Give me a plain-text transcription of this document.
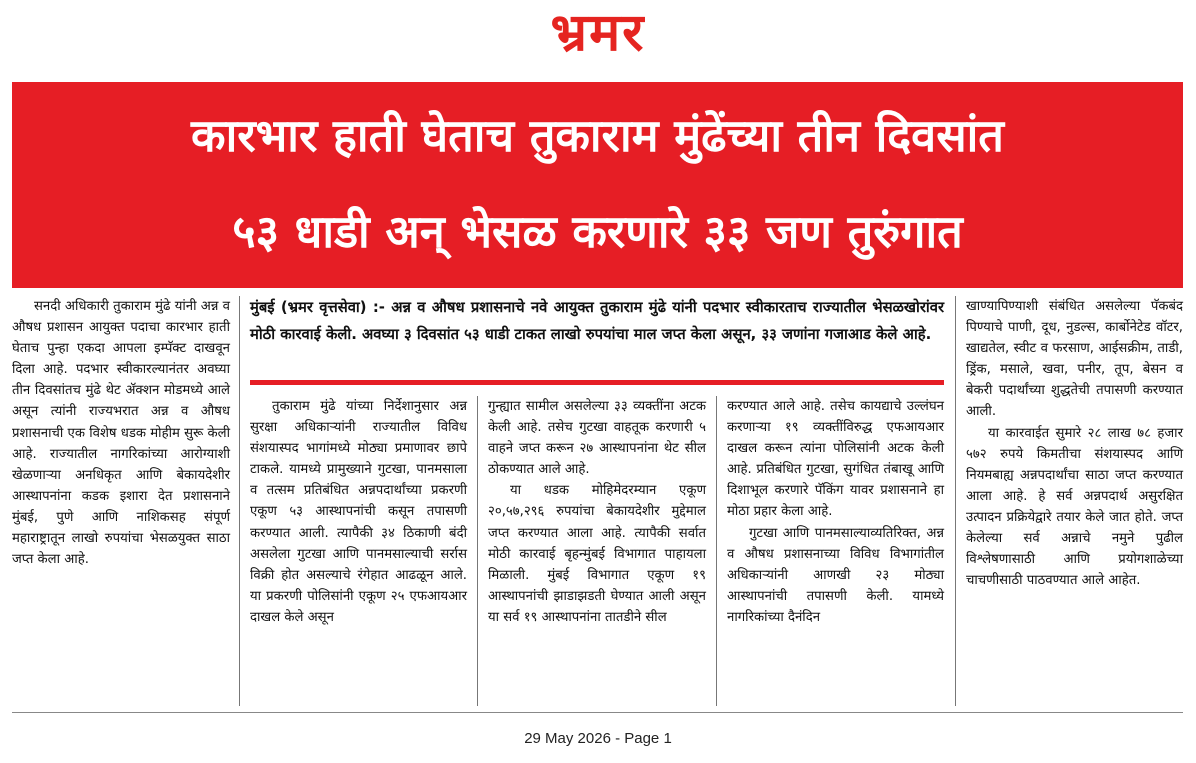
भ्रमर
कारभार हाती घेताच तुकाराम मुंढेंच्या तीन दिवसांत
५३ धाडी अन् भेसळ करणारे ३३ जण तुरुंगात

सनदी अधिकारी तुकाराम मुंढे यांनी अन्न व औषध प्रशासन आयुक्त पदाचा कारभार हाती घेताच पुन्हा एकदा आपला इम्पॅक्ट दाखवून दिला आहे. पदभार स्वीकारल्यानंतर अवघ्या तीन दिवसांतच मुंढे थेट ॲक्शन मोडमध्ये आले असून त्यांनी राज्यभरात अन्न व औषध प्रशासनाची एक विशेष धडक मोहीम सुरू केली आहे. राज्यातील नागरिकांच्या आरोग्याशी खेळणाऱ्या अनधिकृत आणि बेकायदेशीर आस्थापनांना कडक इशारा देत प्रशासनाने मुंबई, पुणे आणि नाशिकसह संपूर्ण महाराष्ट्रातून लाखो रुपयांचा भेसळयुक्त साठा जप्त केला आहे.

मुंबई (भ्रमर वृत्तसेवा) :- अन्न व औषध प्रशासनाचे नवे आयुक्त तुकाराम मुंढे यांनी पदभार स्वीकारताच राज्यातील भेसळखोरांवर मोठी कारवाई केली. अवघ्या ३ दिवसांत ५३ धाडी टाकत लाखो रुपयांचा माल जप्त केला असून, ३३ जणांना गजाआड केले आहे.

तुकाराम मुंढे यांच्या निर्देशानुसार अन्न सुरक्षा अधिकाऱ्यांनी राज्यातील विविध संशयास्पद भागांमध्ये मोठ्या प्रमाणावर छापे टाकले. यामध्ये प्रामुख्याने गुटखा, पानमसाला व तत्सम प्रतिबंधित अन्नपदार्थांच्या प्रकरणी एकूण ५३ आस्थापनांची कसून तपासणी करण्यात आली. त्यापैकी ३४ ठिकाणी बंदी असलेला गुटखा आणि पानमसाल्याची सर्रास विक्री होत असल्याचे रंगेहात आढळून आले. या प्रकरणी पोलिसांनी एकूण २५ एफआयआर दाखल केले असून

गुन्ह्यात सामील असलेल्या ३३ व्यक्तींना अटक केली आहे. तसेच गुटखा वाहतूक करणारी ५ वाहने जप्त करून २७ आस्थापनांना थेट सील ठोकण्यात आले आहे.

या धडक मोहिमेदरम्यान एकूण २०,५७,२९६ रुपयांचा बेकायदेशीर मुद्देमाल जप्त करण्यात आला आहे. त्यापैकी सर्वात मोठी कारवाई बृहन्मुंबई विभागात पाहायला मिळाली. मुंबई विभागात एकूण १९ आस्थापनांची झाडाझडती घेण्यात आली असून या सर्व १९ आस्थापनांना तातडीने सील

करण्यात आले आहे. तसेच कायद्याचे उल्लंघन करणाऱ्या १९ व्यक्तींविरुद्ध एफआयआर दाखल करून त्यांना पोलिसांनी अटक केली आहे. प्रतिबंधित गुटखा, सुगंधित तंबाखू आणि दिशाभूल करणारे पॅकिंग यावर प्रशासनाने हा मोठा प्रहार केला आहे.

गुटखा आणि पानमसाल्याव्यतिरिक्त, अन्न व औषध प्रशासनाच्या विविध विभागांतील अधिकाऱ्यांनी आणखी २३ मोठ्या आस्थापनांची तपासणी केली. यामध्ये नागरिकांच्या दैनंदिन

खाण्यापिण्याशी संबंधित असलेल्या पॅकबंद पिण्याचे पाणी, दूध, नुडल्स, कार्बोनेटेड वॉटर, खाद्यतेल, स्वीट व फरसाण, आईसक्रीम, ताडी, ड्रिंक, मसाले, खवा, पनीर, तूप, बेसन व बेकरी पदार्थांच्या शुद्धतेची तपासणी करण्यात आली.

या कारवाईत सुमारे २८ लाख ७८ हजार ५७२ रुपये किमतीचा संशयास्पद आणि नियमबाह्य अन्नपदार्थांचा साठा जप्त करण्यात आला आहे. हे सर्व अन्नपदार्थ असुरक्षित उत्पादन प्रक्रियेद्वारे तयार केले जात होते. जप्त केलेल्या सर्व अन्नाचे नमुने पुढील विश्लेषणासाठी आणि प्रयोगशाळेच्या चाचणीसाठी पाठवण्यात आले आहेत.

29 May 2026 - Page 1
